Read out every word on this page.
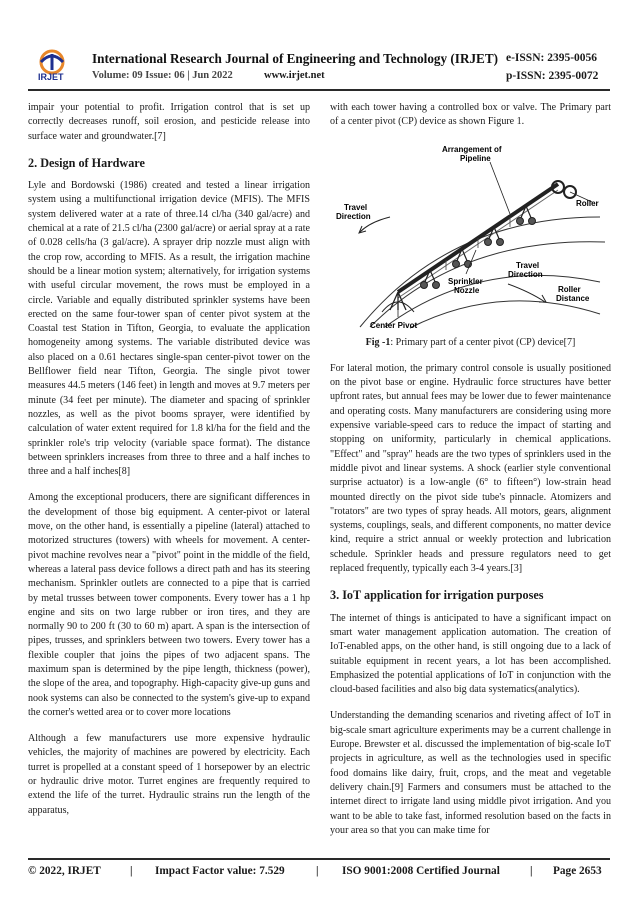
IRJET
International Research Journal of Engineering and Technology (IRJET) e-ISSN: 2395-0056
Volume: 09 Issue: 06 | Jun 2022	www.irjet.net	p-ISSN: 2395-0072

impair your potential to profit. Irrigation control that is set up correctly decreases runoff, soil erosion, and pesticide release into surface water and groundwater.[7]

2. Design of Hardware

Lyle and Bordowski (1986) created and tested a linear irrigation system using a multifunctional irrigation device (MFIS). The MFIS system delivered water at a rate of three.14 cl/ha (340 gal/acre) and chemical at a rate of 21.5 cl/ha (2300 gal/acre) or aerial spray at a rate of 0.028 cells/ha (3 gal/acre). A sprayer drip nozzle must align with the crop row, according to MFIS. As a result, the irrigation machine should be a linear motion system; alternatively, for irrigation systems with useful circular movement, the rows must be employed in a circle. Variable and equally distributed sprinkler systems have been erected on the same four-tower span of center pivot system at the Coastal test Station in Tifton, Georgia, to evaluate the application homogeneity among systems. The variable distributed device was also placed on a 0.61 hectares single-span center-pivot tower on the Bellflower field near Tifton, Georgia. The single pivot tower measures 44.5 meters (146 feet) in length and moves at 9.7 meters per minute (34 feet per minute). The diameter and spacing of sprinkler nozzles, as well as the pivot booms sprayer, were identified by calculation of water extent required for 1.8 kl/ha for the field and the sprinkler role's trip velocity (variable space format). The distance between sprinklers increases from three to three and a half inches to three and a half inches[8]

Among the exceptional producers, there are significant differences in the development of those big equipment. A center-pivot or lateral move, on the other hand, is essentially a pipeline (lateral) attached to motorized structures (towers) with wheels for movement. A center-pivot machine revolves near a "pivot" point in the middle of the field, whereas a lateral pass device follows a direct path and has its steering mechanism. Sprinkler outlets are connected to a pipe that is carried by metal trusses between tower components. Every tower has a 1 hp engine and sits on two large rubber or iron tires, and they are normally 90 to 200 ft (30 to 60 m) apart. A span is the intersection of pipes, trusses, and sprinklers between two towers. Every tower has a flexible coupler that joins the pipes of two adjacent spans. The maximum span is determined by the pipe length, thickness (power), the slope of the area, and topography. High-capacity give-up guns and nook systems can also be connected to the system's give-up to expand the corner's wetted area or to cover more locations

Although a few manufacturers use more expensive hydraulic vehicles, the majority of machines are powered by electricity. Each turret is propelled at a constant speed of 1 horsepower by an electric or hydraulic drive motor. Turret engines are frequently required to extend the life of the turret. Hydraulic strains run the length of the apparatus,

with each tower having a controlled box or valve. The Primary part of a center pivot (CP) device as shown Figure 1.

Arrangement of
Pipeline
Roller
Travel
Direction
Sprinkler
Nozzle
Travel
Direction
Roller
Distance
Center Pivot
Fig -1: Primary part of a center pivot (CP) device[7]

For lateral motion, the primary control console is usually positioned on the pivot base or engine. Hydraulic force structures have better upfront rates, but annual fees may be lower due to fewer maintenance and operating costs. Many manufacturers are considering using more expensive variable-speed cars to reduce the impact of starting and stopping on uniformity, particularly in chemical applications. "Effect" and "spray" heads are the two types of sprinklers used in the middle pivot and linear systems. A shock (earlier style conventional surprise actuator) is a low-angle (6° to fifteen°) low-strain head mounted directly on the pivot side tube's pinnacle. Atomizers and "rotators" are two types of spray heads. All motors, gears, alignment systems, couplings, seals, and different components, no matter device kind, require a strict annual or weekly protection and lubrication schedule. Sprinkler heads and pressure regulators need to get replaced frequently, typically each 3-4 years.[3]

3. IoT application for irrigation purposes

The internet of things is anticipated to have a significant impact on smart water management application automation. The creation of IoT-enabled apps, on the other hand, is still ongoing due to a lack of suitable equipment in recent years, a lot has been accomplished. Emphasized the potential applications of IoT in conjunction with the cloud-based facilities and also big data systematics(analytics).

Understanding the demanding scenarios and riveting affect of IoT in big-scale smart agriculture experiments may be a current challenge in Europe. Brewster et al. discussed the implementation of big-scale IoT projects in agriculture, as well as the technologies used in specific food domains like dairy, fruit, crops, and the meat and vegetable delivery chain.[9] Farmers and consumers must be attached to the internet direct to irrigate land using middle pivot irrigation. And you want to be able to take fast, informed resolution based on the facts in your area so that you can make time for

© 2022, IRJET	| Impact Factor value: 7.529	| ISO 9001:2008 Certified Journal	| Page 2653
